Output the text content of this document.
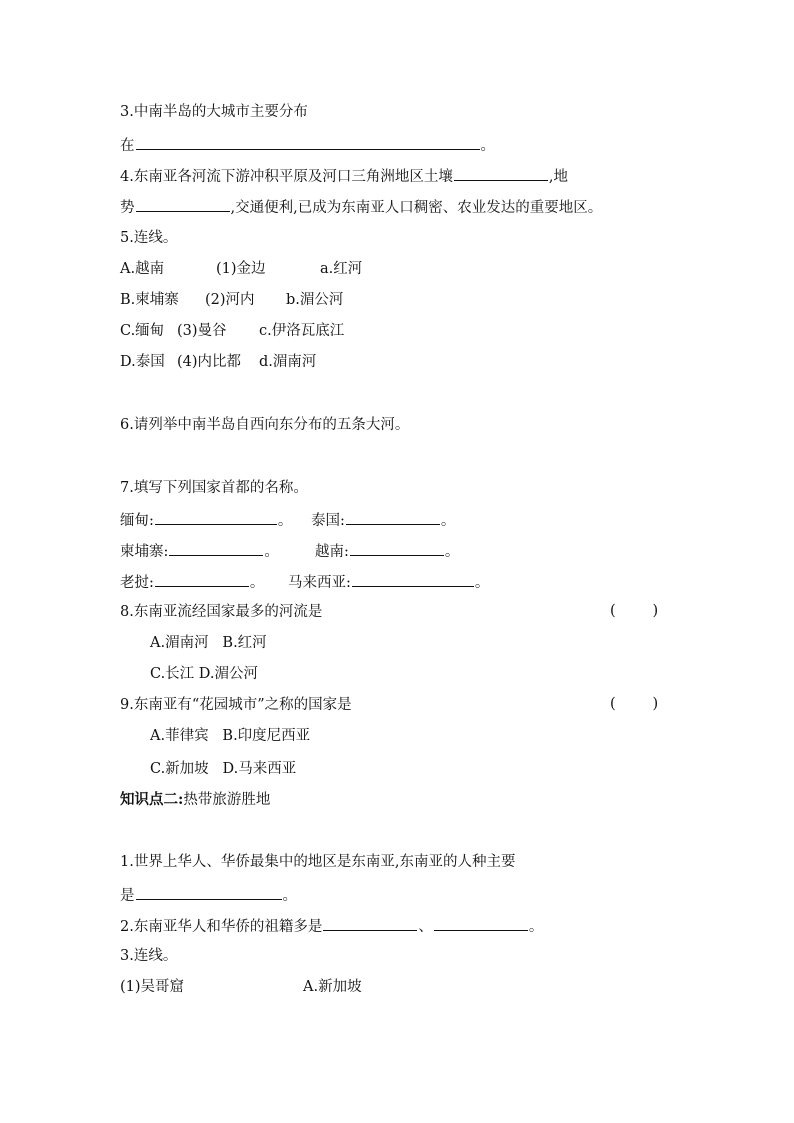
3.中南半岛的大城市主要分布
在	。
4.东南亚各河流下游冲积平原及河口三角洲地区土壤	,地
势	,交通便利,已成为东南亚人口稠密、农业发达的重要地区。
5.连线。
A.越南	(1)金边	a.红河
B.柬埔寨 (2)河内 b.湄公河
C.缅甸 (3)曼谷 c.伊洛瓦底江
D.泰国 (4)内比都 d.湄南河
6.请列举中南半岛自西向东分布的五条大河。
7.填写下列国家首都的名称。
缅甸:	。 泰国:	。
柬埔寨:	。 越南:	。
老挝:	。 马来西亚:	。
8.东南亚流经国家最多的河流是	(        )
A.湄南河   B.红河
C.长江 D.湄公河
9.东南亚有“花园城市”之称的国家是	(        )
A.菲律宾   B.印度尼西亚
C.新加坡   D.马来西亚
知识点二:热带旅游胜地
1.世界上华人、华侨最集中的地区是东南亚,东南亚的人种主要
是	。
2.东南亚华人和华侨的祖籍多是	、	。
3.连线。
(1)吴哥窟	A.新加坡
